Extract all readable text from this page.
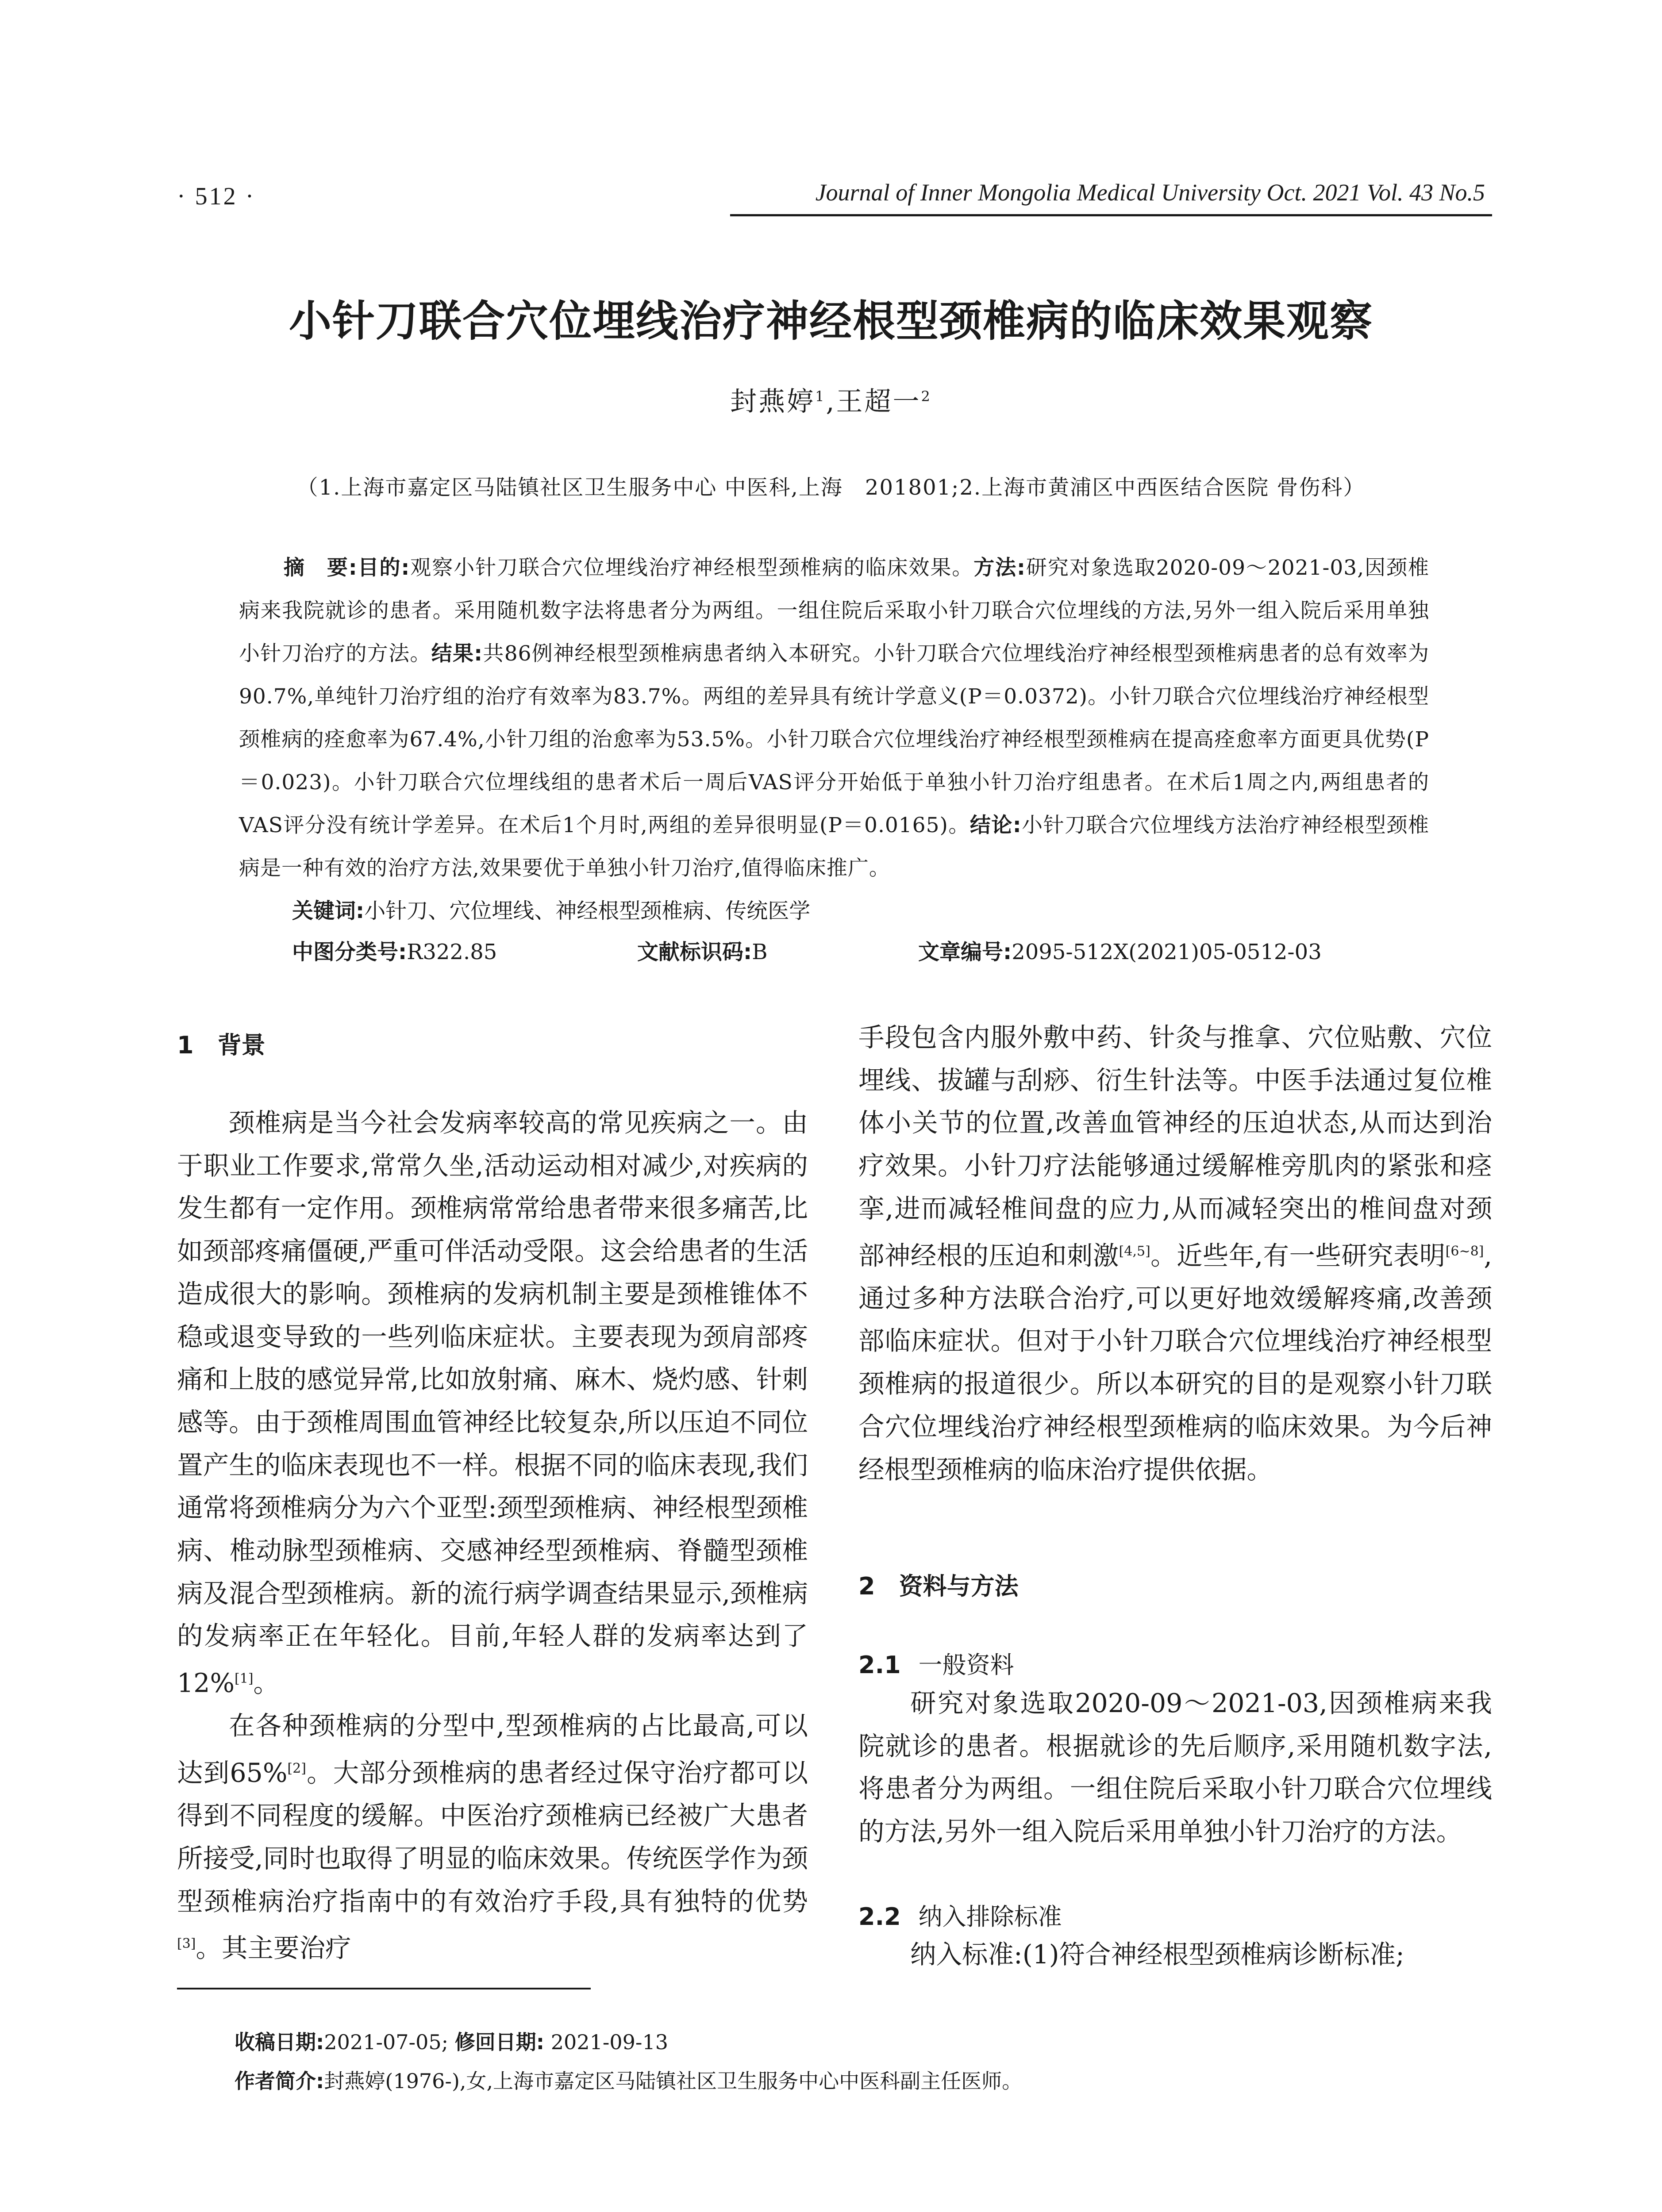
· 512 ·	Journal of Inner Mongolia Medical University Oct. 2021 Vol. 43 No.5
小针刀联合穴位埋线治疗神经根型颈椎病的临床效果观察
封燕婷$^1$,王超一$^2$
（1.上海市嘉定区马陆镇社区卫生服务中心 中医科,上海　201801;2.上海市黄浦区中西医结合医院 骨伤科）
摘　要:目的:观察小针刀联合穴位埋线治疗神经根型颈椎病的临床效果。方法:研究对象选取2020-09～2021-03,因颈椎病来我院就诊的患者。采用随机数字法将患者分为两组。一组住院后采取小针刀联合穴位埋线的方法,另外一组入院后采用单独小针刀治疗的方法。结果:共86例神经根型颈椎病患者纳入本研究。小针刀联合穴位埋线治疗神经根型颈椎病患者的总有效率为90.7%,单纯针刀治疗组的治疗有效率为83.7%。两组的差异具有统计学意义(P＝0.0372)。小针刀联合穴位埋线治疗神经根型颈椎病的痊愈率为67.4%,小针刀组的治愈率为53.5%。小针刀联合穴位埋线治疗神经根型颈椎病在提高痊愈率方面更具优势(P＝0.023)。小针刀联合穴位埋线组的患者术后一周后VAS评分开始低于单独小针刀治疗组患者。在术后1周之内,两组患者的VAS评分没有统计学差异。在术后1个月时,两组的差异很明显(P＝0.0165)。结论:小针刀联合穴位埋线方法治疗神经根型颈椎病是一种有效的治疗方法,效果要优于单独小针刀治疗,值得临床推广。
关键词:小针刀、穴位埋线、神经根型颈椎病、传统医学
中图分类号:R322.85	文献标识码:B	文章编号:2095-512X(2021)05-0512-03
1　背景

颈椎病是当今社会发病率较高的常见疾病之一。由于职业工作要求,常常久坐,活动运动相对减少,对疾病的发生都有一定作用。颈椎病常常给患者带来很多痛苦,比如颈部疼痛僵硬,严重可伴活动受限。这会给患者的生活造成很大的影响。颈椎病的发病机制主要是颈椎锥体不稳或退变导致的一些列临床症状。主要表现为颈肩部疼痛和上肢的感觉异常,比如放射痛、麻木、烧灼感、针刺感等。由于颈椎周围血管神经比较复杂,所以压迫不同位置产生的临床表现也不一样。根据不同的临床表现,我们通常将颈椎病分为六个亚型:颈型颈椎病、神经根型颈椎病、椎动脉型颈椎病、交感神经型颈椎病、脊髓型颈椎病及混合型颈椎病。新的流行病学调查结果显示,颈椎病的发病率正在年轻化。目前,年轻人群的发病率达到了12%[1]。

在各种颈椎病的分型中,型颈椎病的占比最高,可以达到65%[2]。大部分颈椎病的患者经过保守治疗都可以得到不同程度的缓解。中医治疗颈椎病已经被广大患者所接受,同时也取得了明显的临床效果。传统医学作为颈型颈椎病治疗指南中的有效治疗手段,具有独特的优势[3]。其主要治疗

手段包含内服外敷中药、针灸与推拿、穴位贴敷、穴位埋线、拔罐与刮痧、衍生针法等。中医手法通过复位椎体小关节的位置,改善血管神经的压迫状态,从而达到治疗效果。小针刀疗法能够通过缓解椎旁肌肉的紧张和痉挛,进而减轻椎间盘的应力,从而减轻突出的椎间盘对颈部神经根的压迫和刺激[4,5]。近些年,有一些研究表明[6~8],通过多种方法联合治疗,可以更好地效缓解疼痛,改善颈部临床症状。但对于小针刀联合穴位埋线治疗神经根型颈椎病的报道很少。所以本研究的目的是观察小针刀联合穴位埋线治疗神经根型颈椎病的临床效果。为今后神经根型颈椎病的临床治疗提供依据。

2　资料与方法
2.1 一般资料

研究对象选取2020-09～2021-03,因颈椎病来我院就诊的患者。根据就诊的先后顺序,采用随机数字法,将患者分为两组。一组住院后采取小针刀联合穴位埋线的方法,另外一组入院后采用单独小针刀治疗的方法。

2.2 纳入排除标准

纳入标准:(1)符合神经根型颈椎病诊断标准;

收稿日期:2021-07-05; 修回日期: 2021-09-13
作者简介:封燕婷(1976-),女,上海市嘉定区马陆镇社区卫生服务中心中医科副主任医师。
